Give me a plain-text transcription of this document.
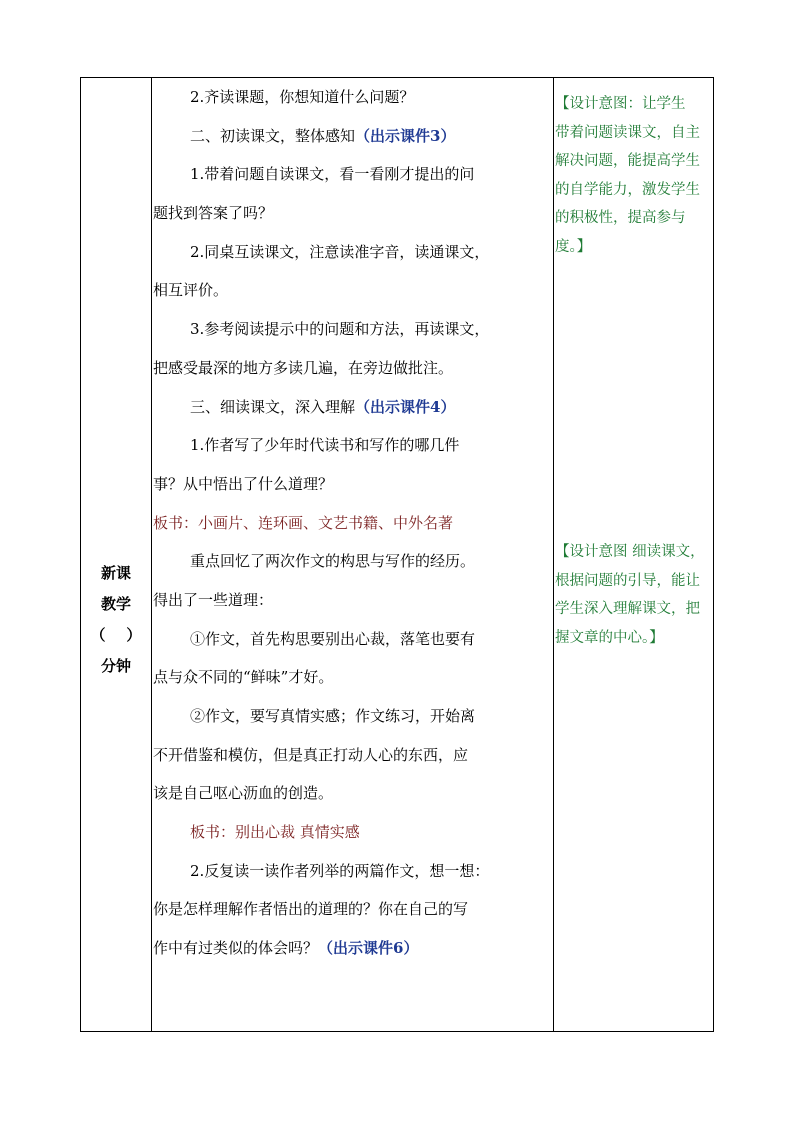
新课
教学
（    ）
分钟
2.齐读课题，你想知道什么问题？
二、初读课文，整体感知（出示课件3）
1.带着问题自读课文，看一看刚才提出的问
题找到答案了吗？
2.同桌互读课文，注意读准字音，读通课文，
相互评价。
3.参考阅读提示中的问题和方法，再读课文，
把感受最深的地方多读几遍，在旁边做批注。
三、细读课文，深入理解（出示课件4）
1.作者写了少年时代读书和写作的哪几件
事？从中悟出了什么道理？
板书：小画片、连环画、文艺书籍、中外名著
重点回忆了两次作文的构思与写作的经历。
得出了一些道理：
①作文，首先构思要别出心裁，落笔也要有
点与众不同的“鲜味”才好。
②作文，要写真情实感；作文练习，开始离
不开借鉴和模仿，但是真正打动人心的东西，应
该是自己呕心沥血的创造。
板书：别出心裁 真情实感
2.反复读一读作者列举的两篇作文，想一想：
你是怎样理解作者悟出的道理的？你在自己的写
作中有过类似的体会吗？（出示课件6）
【设计意图：让学生
带着问题读课文，自主
解决问题，能提高学生
的自学能力，激发学生
的积极性，提高参与
度。】
【设计意图 细读课文，
根据问题的引导，能让
学生深入理解课文，把
握文章的中心。】
